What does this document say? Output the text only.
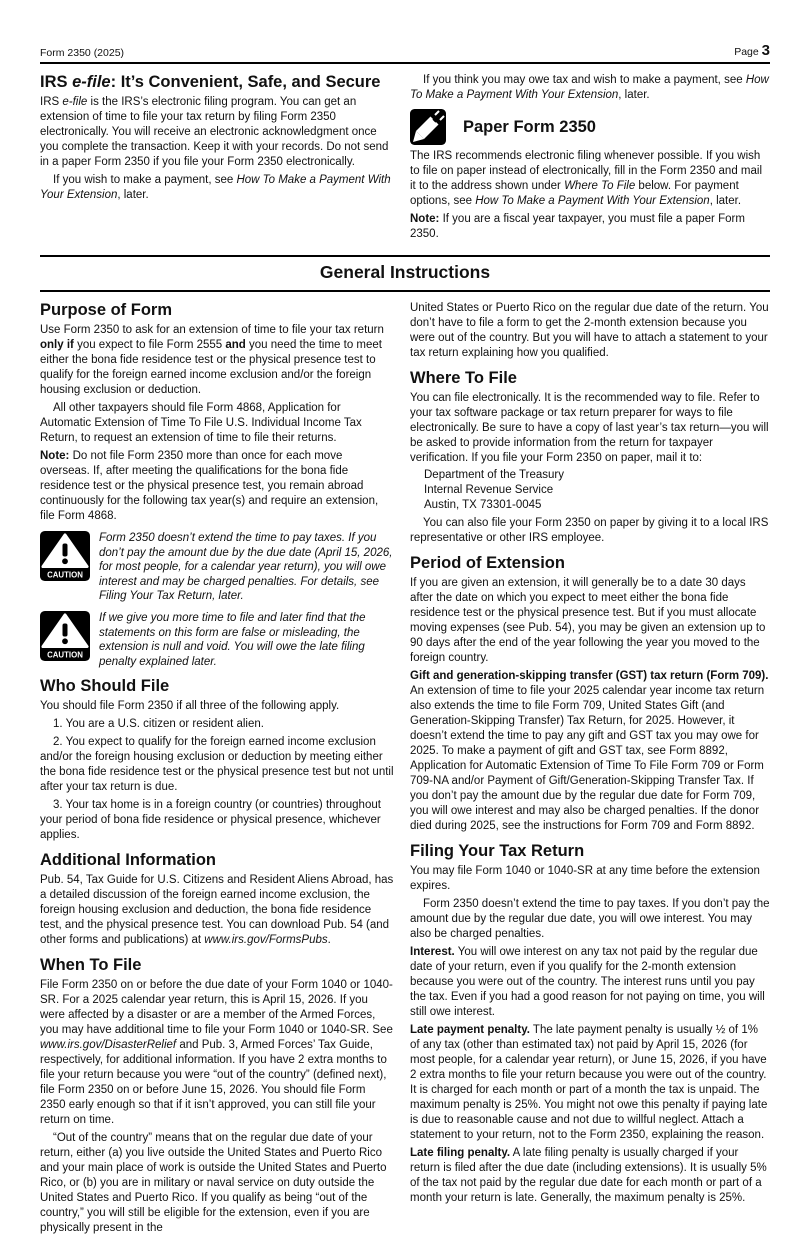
Form 2350 (2025)	Page 3
IRS e-file: It’s Convenient, Safe, and Secure

IRS e-file is the IRS’s electronic filing program. You can get an extension of time to file your tax return by filing Form 2350 electronically. You will receive an electronic acknowledgment once you complete the transaction. Keep it with your records. Do not send in a paper Form 2350 if you file your Form 2350 electronically.

If you wish to make a payment, see How To Make a Payment With Your Extension, later.

If you think you may owe tax and wish to make a payment, see How To Make a Payment With Your Extension, later.

Paper Form 2350

The IRS recommends electronic filing whenever possible. If you wish to file on paper instead of electronically, fill in the Form 2350 and mail it to the address shown under Where To File below. For payment options, see How To Make a Payment With Your Extension, later.

Note: If you are a fiscal year taxpayer, you must file a paper Form 2350.

General Instructions
Purpose of Form

Use Form 2350 to ask for an extension of time to file your tax return only if you expect to file Form 2555 and you need the time to meet either the bona fide residence test or the physical presence test to qualify for the foreign earned income exclusion and/or the foreign housing exclusion or deduction.

All other taxpayers should file Form 4868, Application for Automatic Extension of Time To File U.S. Individual Income Tax Return, to request an extension of time to file their returns.

Note: Do not file Form 2350 more than once for each move overseas. If, after meeting the qualifications for the bona fide residence test or the physical presence test, you remain abroad continuously for the following tax year(s) and require an extension, file Form 4868.

CAUTION

Form 2350 doesn’t extend the time to pay taxes. If you don’t pay the amount due by the due date (April 15, 2026, for most people, for a calendar year return), you will owe interest and may be charged penalties. For details, see Filing Your Tax Return, later.

CAUTION

If we give you more time to file and later find that the statements on this form are false or misleading, the extension is null and void. You will owe the late filing penalty explained later.

Who Should File

You should file Form 2350 if all three of the following apply.

1. You are a U.S. citizen or resident alien.

2. You expect to qualify for the foreign earned income exclusion and/or the foreign housing exclusion or deduction by meeting either the bona fide residence test or the physical presence test but not until after your tax return is due.

3. Your tax home is in a foreign country (or countries) throughout your period of bona fide residence or physical presence, whichever applies.

Additional Information

Pub. 54, Tax Guide for U.S. Citizens and Resident Aliens Abroad, has a detailed discussion of the foreign earned income exclusion, the foreign housing exclusion and deduction, the bona fide residence test, and the physical presence test. You can download Pub. 54 (and other forms and publications) at www.irs.gov/FormsPubs.

When To File

File Form 2350 on or before the due date of your Form 1040 or 1040-SR. For a 2025 calendar year return, this is April 15, 2026. If you were affected by a disaster or are a member of the Armed Forces, you may have additional time to file your Form 1040 or 1040-SR. See www.irs.gov/DisasterRelief and Pub. 3, Armed Forces’ Tax Guide, respectively, for additional information. If you have 2 extra months to file your return because you were “out of the country” (defined next), file Form 2350 on or before June 15, 2026. You should file Form 2350 early enough so that if it isn’t approved, you can still file your return on time.

“Out of the country” means that on the regular due date of your return, either (a) you live outside the United States and Puerto Rico and your main place of work is outside the United States and Puerto Rico, or (b) you are in military or naval service on duty outside the United States and Puerto Rico. If you qualify as being “out of the country,” you will still be eligible for the extension, even if you are physically present in the

United States or Puerto Rico on the regular due date of the return. You don’t have to file a form to get the 2-month extension because you were out of the country. But you will have to attach a statement to your tax return explaining how you qualified.

Where To File

You can file electronically. It is the recommended way to file. Refer to your tax software package or tax return preparer for ways to file electronically. Be sure to have a copy of last year’s tax return—you will be asked to provide information from the return for taxpayer verification. If you file your Form 2350 on paper, mail it to:

Department of the Treasury
Internal Revenue Service
Austin, TX 73301-0045

You can also file your Form 2350 on paper by giving it to a local IRS representative or other IRS employee.

Period of Extension

If you are given an extension, it will generally be to a date 30 days after the date on which you expect to meet either the bona fide residence test or the physical presence test. But if you must allocate moving expenses (see Pub. 54), you may be given an extension up to 90 days after the end of the year following the year you moved to the foreign country.

Gift and generation-skipping transfer (GST) tax return (Form 709). An extension of time to file your 2025 calendar year income tax return also extends the time to file Form 709, United States Gift (and Generation-Skipping Transfer) Tax Return, for 2025. However, it doesn’t extend the time to pay any gift and GST tax you may owe for 2025. To make a payment of gift and GST tax, see Form 8892, Application for Automatic Extension of Time To File Form 709 or Form 709-NA and/or Payment of Gift/Generation-Skipping Transfer Tax. If you don’t pay the amount due by the regular due date for Form 709, you will owe interest and may also be charged penalties. If the donor died during 2025, see the instructions for Form 709 and Form 8892.

Filing Your Tax Return

You may file Form 1040 or 1040-SR at any time before the extension expires.

Form 2350 doesn’t extend the time to pay taxes. If you don’t pay the amount due by the regular due date, you will owe interest. You may also be charged penalties.

Interest. You will owe interest on any tax not paid by the regular due date of your return, even if you qualify for the 2-month extension because you were out of the country. The interest runs until you pay the tax. Even if you had a good reason for not paying on time, you will still owe interest.

Late payment penalty. The late payment penalty is usually ½ of 1% of any tax (other than estimated tax) not paid by April 15, 2026 (for most people, for a calendar year return), or June 15, 2026, if you have 2 extra months to file your return because you were out of the country. It is charged for each month or part of a month the tax is unpaid. The maximum penalty is 25%. You might not owe this penalty if paying late is due to reasonable cause and not due to willful neglect. Attach a statement to your return, not to the Form 2350, explaining the reason.

Late filing penalty. A late filing penalty is usually charged if your return is filed after the due date (including extensions). It is usually 5% of the tax not paid by the regular due date for each month or part of a month your return is late. Generally, the maximum penalty is 25%.
